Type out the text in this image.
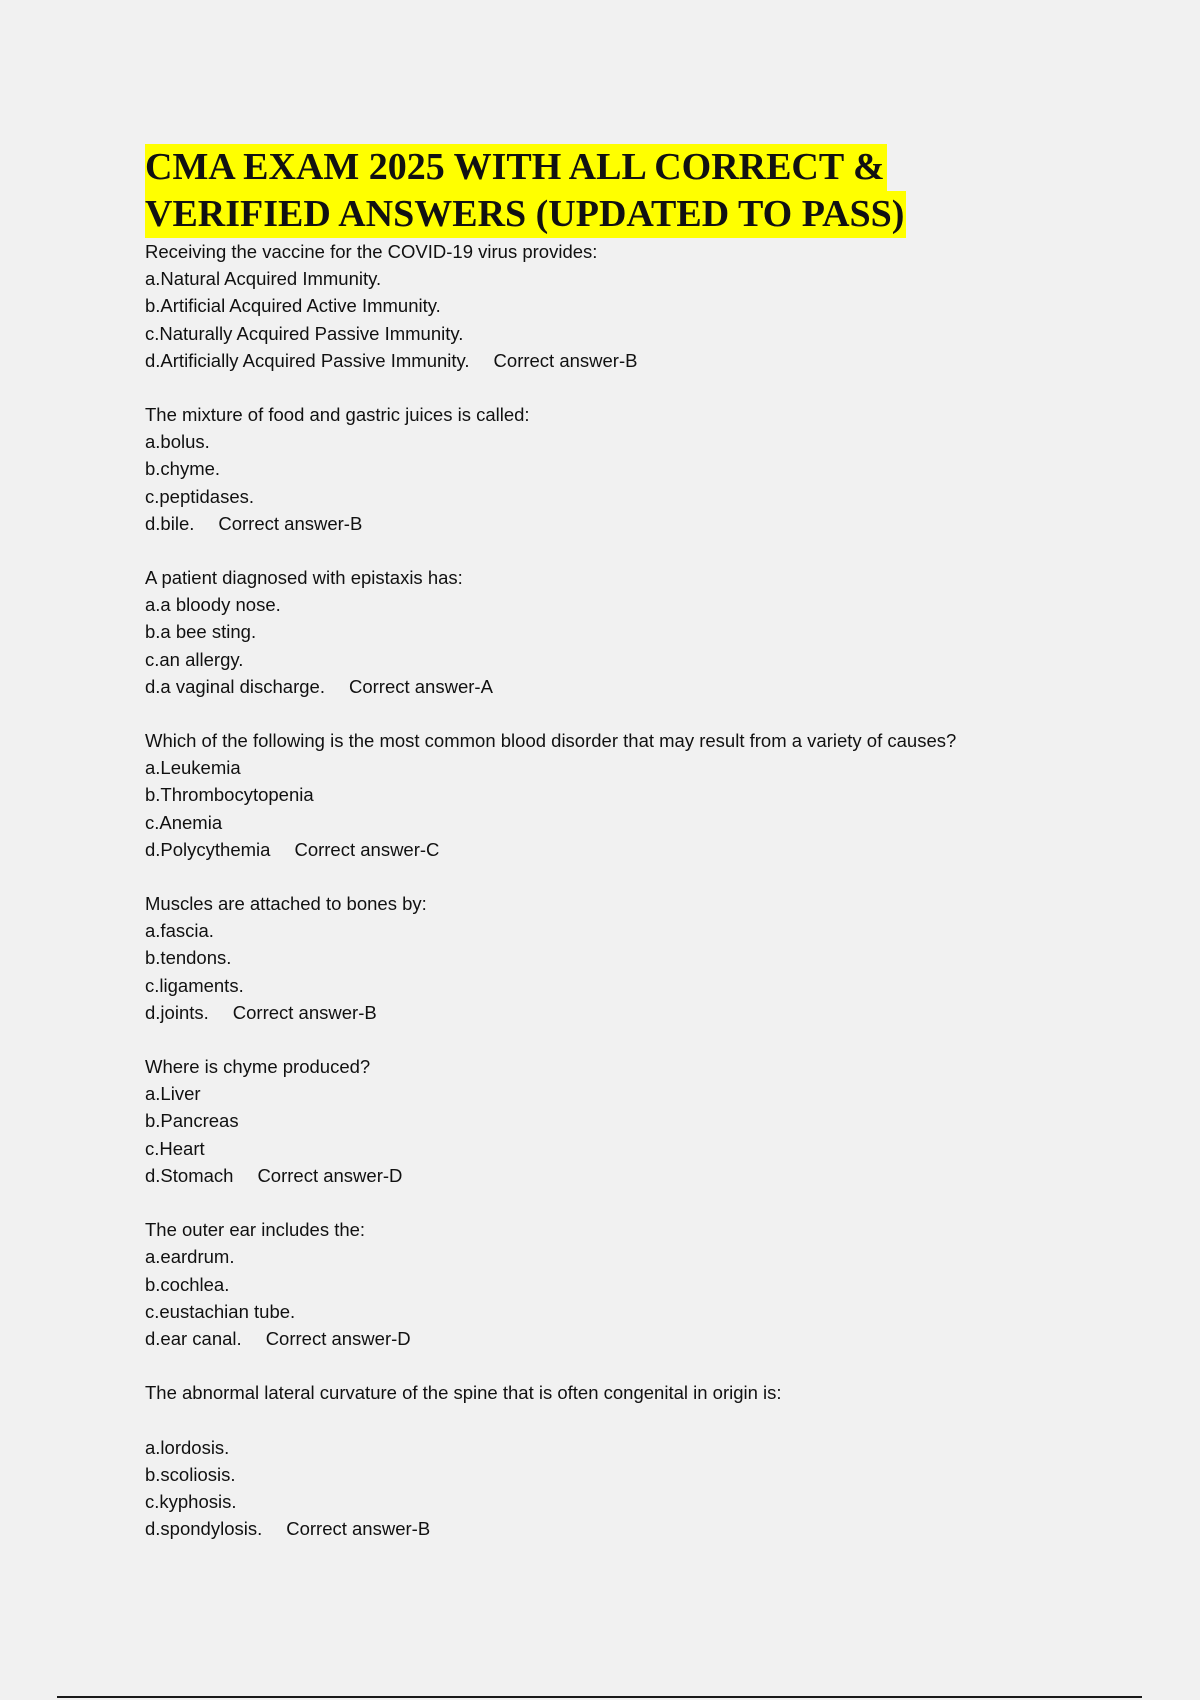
CMA EXAM 2025 WITH ALL CORRECT &
VERIFIED ANSWERS (UPDATED TO PASS)
Receiving the vaccine for the COVID-19 virus provides:
a.Natural Acquired Immunity.
b.Artificial Acquired Active Immunity.
c.Naturally Acquired Passive Immunity.
d.Artificially Acquired Passive Immunity. Correct answer-B
The mixture of food and gastric juices is called:
a.bolus.
b.chyme.
c.peptidases.
d.bile. Correct answer-B
A patient diagnosed with epistaxis has:
a.a bloody nose.
b.a bee sting.
c.an allergy.
d.a vaginal discharge. Correct answer-A
Which of the following is the most common blood disorder that may result from a variety of causes?
a.Leukemia
b.Thrombocytopenia
c.Anemia
d.Polycythemia Correct answer-C
Muscles are attached to bones by:
a.fascia.
b.tendons.
c.ligaments.
d.joints. Correct answer-B
Where is chyme produced?
a.Liver
b.Pancreas
c.Heart
d.Stomach Correct answer-D
The outer ear includes the:
a.eardrum.
b.cochlea.
c.eustachian tube.
d.ear canal. Correct answer-D
The abnormal lateral curvature of the spine that is often congenital in origin is:
a.lordosis.
b.scoliosis.
c.kyphosis.
d.spondylosis. Correct answer-B
